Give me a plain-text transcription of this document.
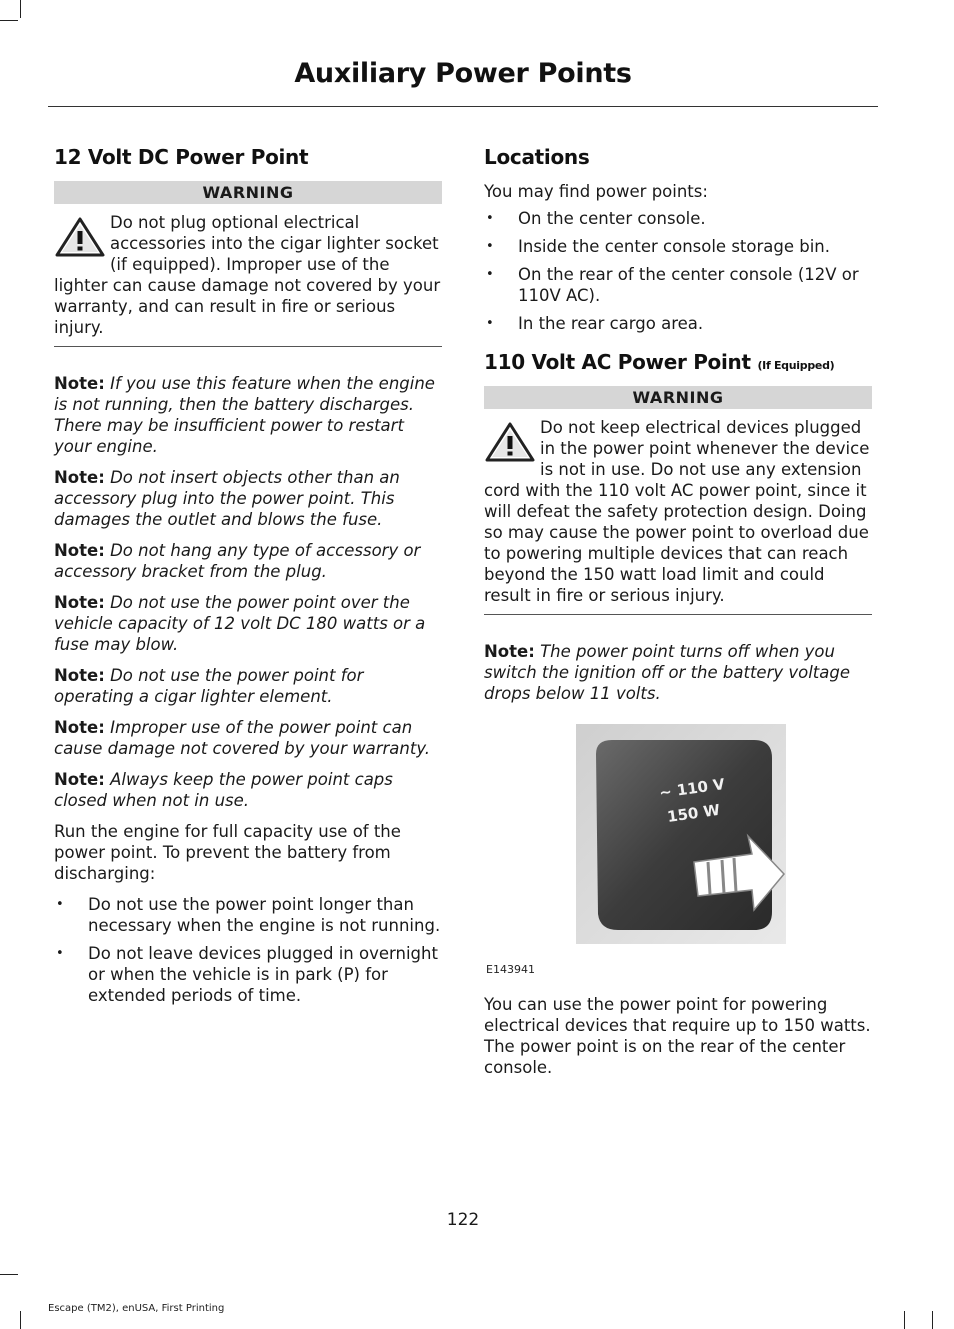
Auxiliary Power Points
12 Volt DC Power Point
WARNING
Do not plug optional electrical accessories into the cigar lighter socket (if equipped). Improper use of the lighter can cause damage not covered by your warranty, and can result in fire or serious injury.

Note: If you use this feature when the engine is not running, then the battery discharges. There may be insufficient power to restart your engine.

Note: Do not insert objects other than an accessory plug into the power point. This damages the outlet and blows the fuse.

Note: Do not hang any type of accessory or accessory bracket from the plug.

Note: Do not use the power point over the vehicle capacity of 12 volt DC 180 watts or a fuse may blow.

Note: Do not use the power point for operating a cigar lighter element.

Note: Improper use of the power point can cause damage not covered by your warranty.

Note: Always keep the power point caps closed when not in use.

Run the engine for full capacity use of the power point. To prevent the battery from discharging:

• Do not use the power point longer than necessary when the engine is not running.
• Do not leave devices plugged in overnight or when the vehicle is in park (P) for extended periods of time.
Locations

You may find power points:

• On the center console.
• Inside the center console storage bin.
• On the rear of the center console (12V or 110V AC).
• In the rear cargo area.
110 Volt AC Power Point (If Equipped)
WARNING
Do not keep electrical devices plugged in the power point whenever the device is not in use. Do not use any extension cord with the 110 volt AC power point, since it will defeat the safety protection design. Doing so may cause the power point to overload due to powering multiple devices that can reach beyond the 150 watt load limit and could result in fire or serious injury.

Note: The power point turns off when you switch the ignition off or the battery voltage drops below 11 volts.

~ 110 V
150 W
E143941

You can use the power point for powering electrical devices that require up to 150 watts. The power point is on the rear of the center console.

122
Escape (TM2), enUSA, First Printing
